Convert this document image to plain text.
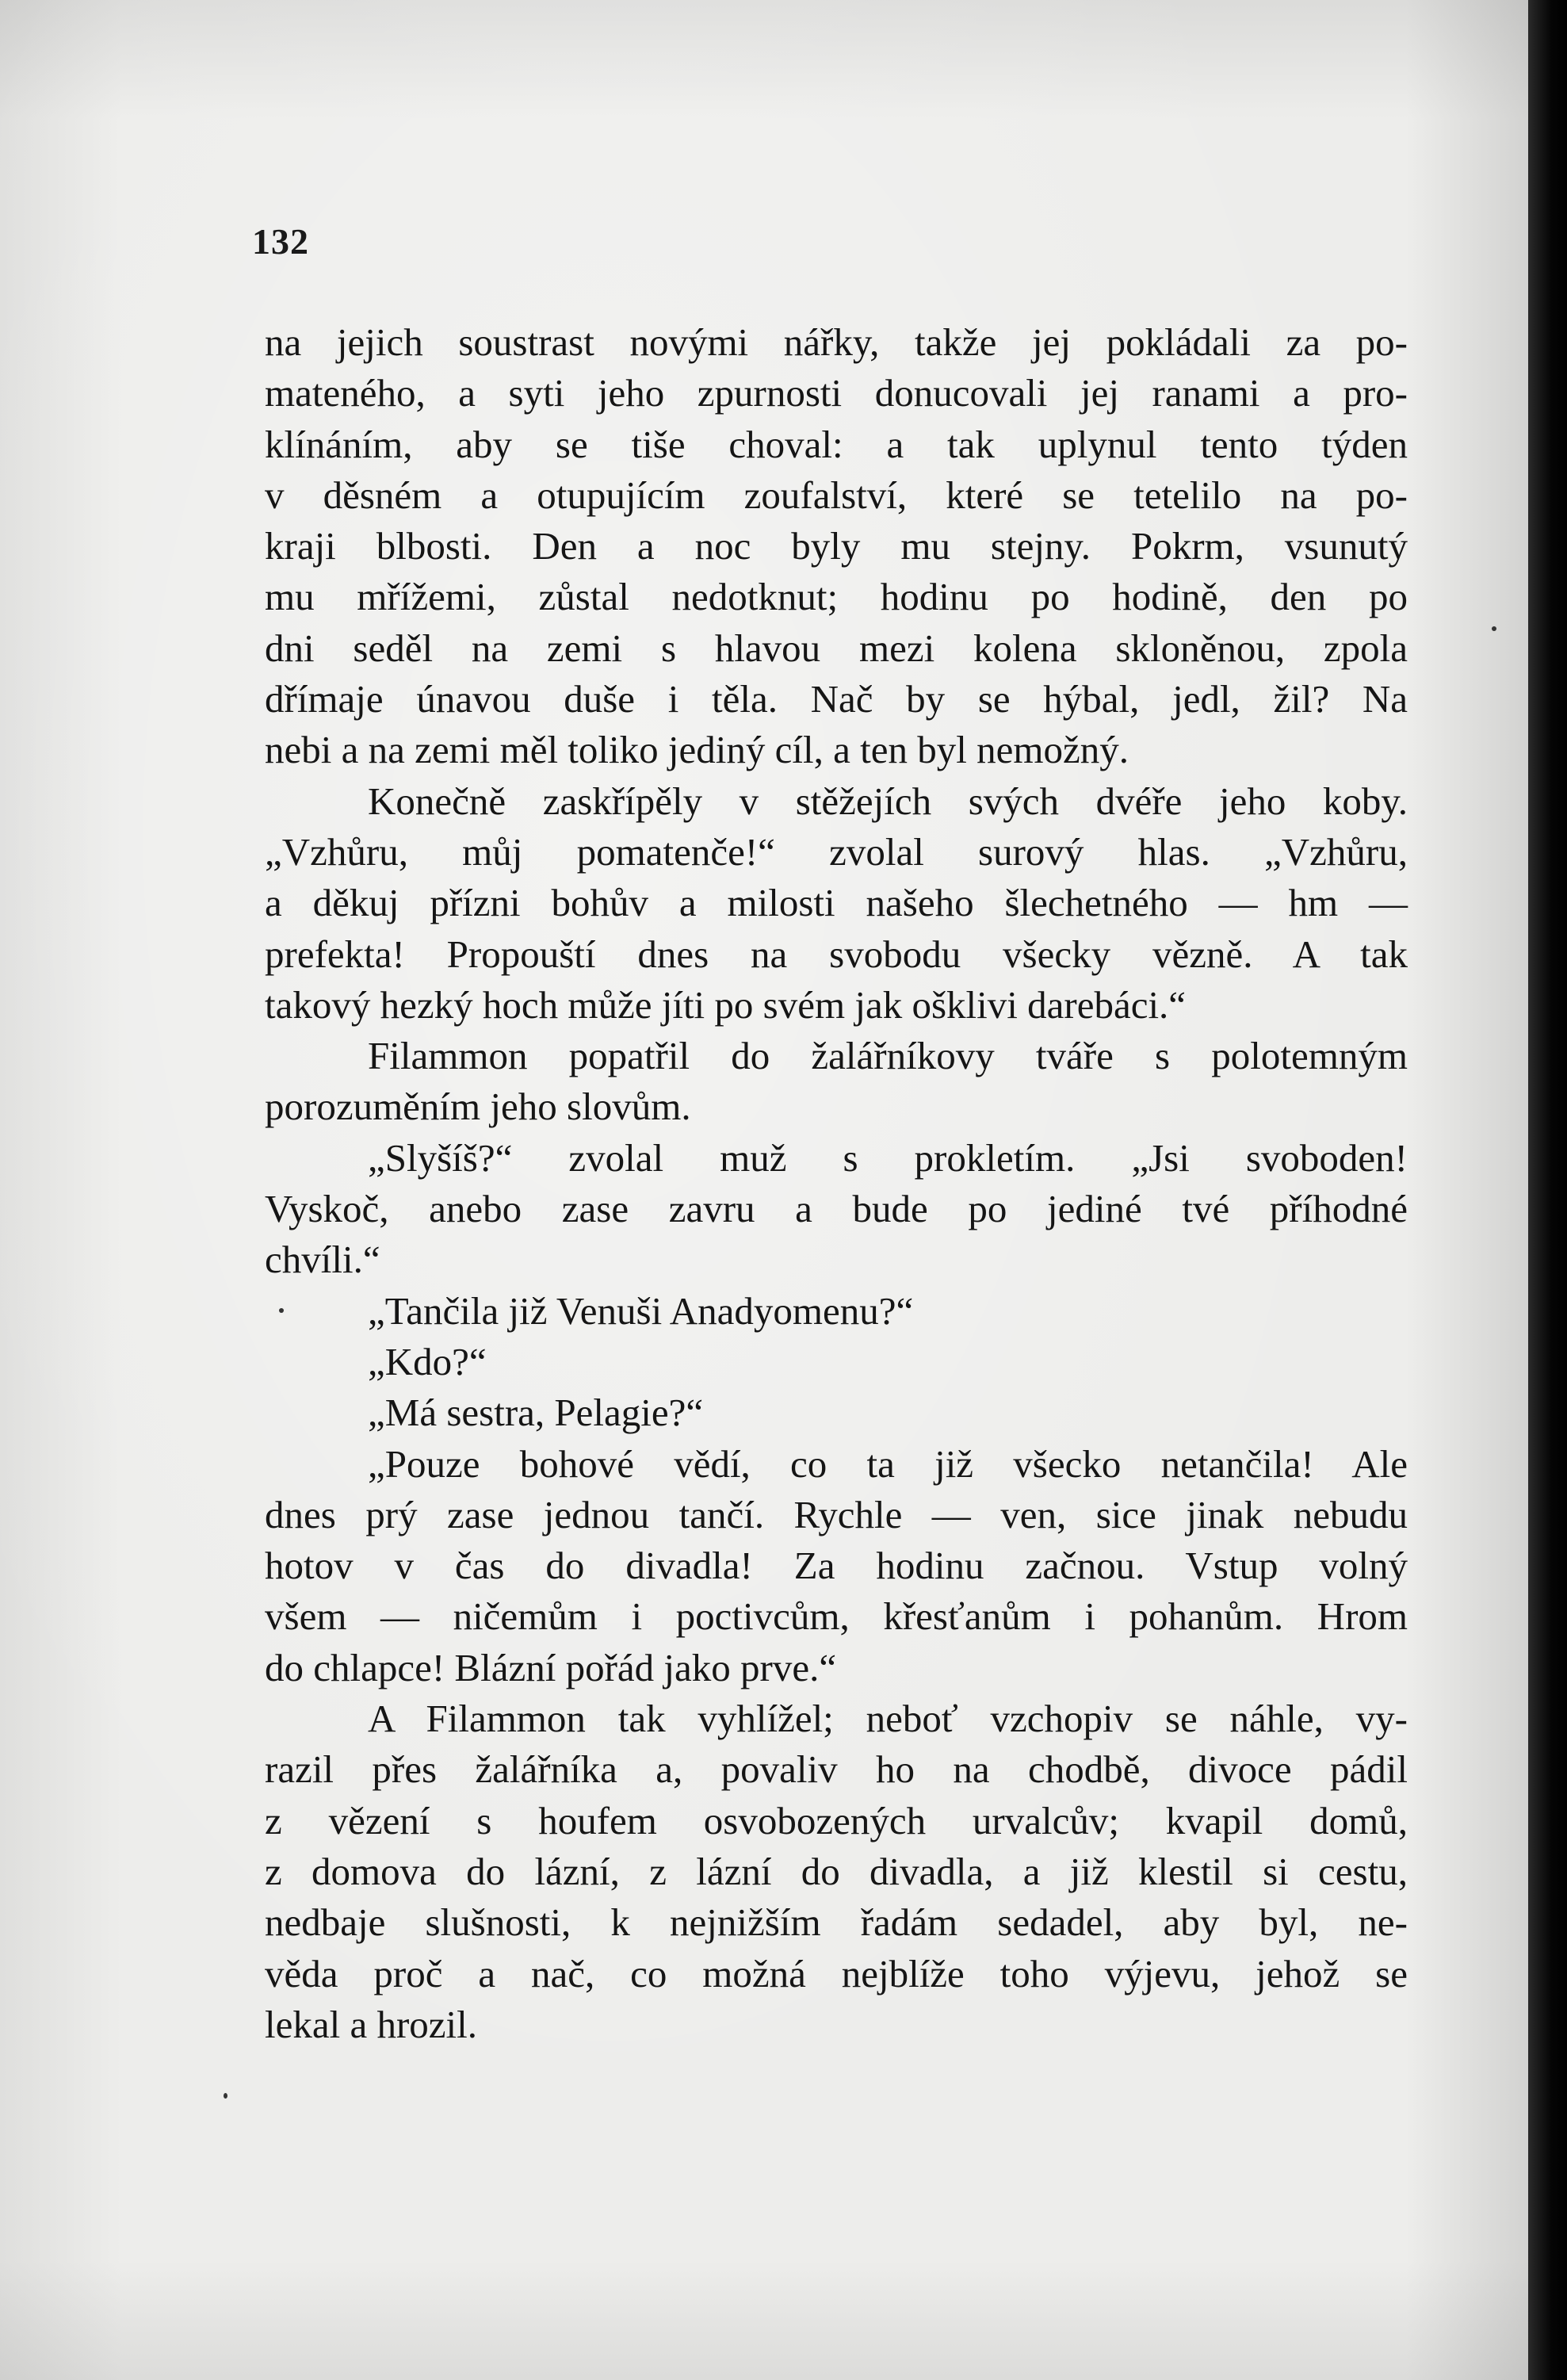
132
na jejich soustrast novými nářky, takže jej pokládali za po-
mateného, a syti jeho zpurnosti donucovali jej ranami a pro-
klínáním, aby se tiše choval: a tak uplynul tento týden
v děsném a otupujícím zoufalství, které se tetelilo na po-
kraji blbosti. Den a noc byly mu stejny. Pokrm, vsunutý
mu mřížemi, zůstal nedotknut; hodinu po hodině, den po
dni seděl na zemi s hlavou mezi kolena skloněnou, zpola
dřímaje únavou duše i těla. Nač by se hýbal, jedl, žil? Na
nebi a na zemi měl toliko jediný cíl, a ten byl nemožný.
Konečně zaskřípěly v stěžejích svých dvéře jeho koby.
„Vzhůru, můj pomatenče!“ zvolal surový hlas. „Vzhůru,
a děkuj přízni bohův a milosti našeho šlechetného — hm —
prefekta! Propouští dnes na svobodu všecky vězně. A tak
takový hezký hoch může jíti po svém jak ošklivi darebáci.“
Filammon popatřil do žalářníkovy tváře s polotemným
porozuměním jeho slovům.
„Slyšíš?“ zvolal muž s prokletím. „Jsi svoboden!
Vyskoč, anebo zase zavru a bude po jediné tvé příhodné
chvíli.“
„Tančila již Venuši Anadyomenu?“
„Kdo?“
„Má sestra, Pelagie?“
„Pouze bohové vědí, co ta již všecko netančila! Ale
dnes prý zase jednou tančí. Rychle — ven, sice jinak nebudu
hotov v čas do divadla! Za hodinu začnou. Vstup volný
všem — ničemům i poctivcům, křesťanům i pohanům. Hrom
do chlapce! Blázní pořád jako prve.“
A Filammon tak vyhlížel; neboť vzchopiv se náhle, vy-
razil přes žalářníka a, povaliv ho na chodbě, divoce pádil
z vězení s houfem osvobozených urvalcův; kvapil domů,
z domova do lázní, z lázní do divadla, a již klestil si cestu,
nedbaje slušnosti, k nejnižším řadám sedadel, aby byl, ne-
věda proč a nač, co možná nejblíže toho výjevu, jehož se
lekal a hrozil.
